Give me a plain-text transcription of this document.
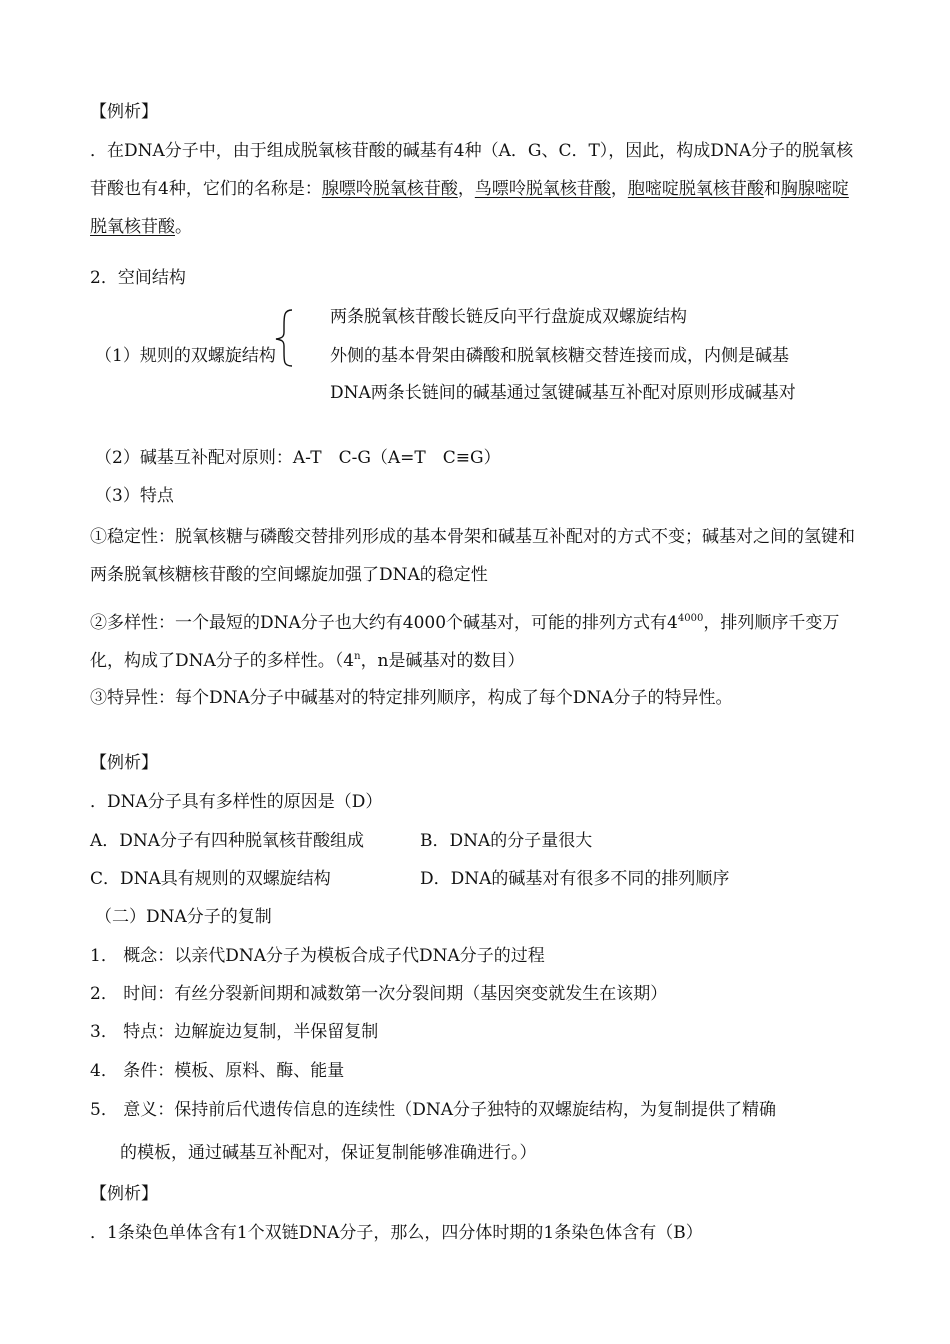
【例析】
．在DNA分子中，由于组成脱氧核苷酸的碱基有4种（A．G、C．T），因此，构成DNA分子的脱氧核苷酸也有4种，它们的名称是：腺嘌呤脱氧核苷酸，鸟嘌呤脱氧核苷酸，胞嘧啶脱氧核苷酸和胸腺嘧啶脱氧核苷酸。
2．空间结构
（1）规则的双螺旋结构
两条脱氧核苷酸长链反向平行盘旋成双螺旋结构
外侧的基本骨架由磷酸和脱氧核糖交替连接而成，内侧是碱基
DNA两条长链间的碱基通过氢键碱基互补配对原则形成碱基对
（2）碱基互补配对原则：A-T　C-G（A=T　C≡G）
（3）特点
①稳定性：脱氧核糖与磷酸交替排列形成的基本骨架和碱基互补配对的方式不变；碱基对之间的氢键和两条脱氧核糖核苷酸的空间螺旋加强了DNA的稳定性
②多样性：一个最短的DNA分子也大约有4000个碱基对，可能的排列方式有$4^{4000}$，排列顺序千变万化，构成了DNA分子的多样性。（4$^n$，n是碱基对的数目）
③特异性：每个DNA分子中碱基对的特定排列顺序，构成了每个DNA分子的特异性。
【例析】
．DNA分子具有多样性的原因是（D）
A．DNA分子有四种脱氧核苷酸组成	B．DNA的分子量很大
C．DNA具有规则的双螺旋结构	D．DNA的碱基对有很多不同的排列顺序
（二）DNA分子的复制
1． 概念：以亲代DNA分子为模板合成子代DNA分子的过程
2． 时间：有丝分裂新间期和减数第一次分裂间期（基因突变就发生在该期）
3． 特点：边解旋边复制，半保留复制
4． 条件：模板、原料、酶、能量
5． 意义：保持前后代遗传信息的连续性（DNA分子独特的双螺旋结构，为复制提供了精确
的模板，通过碱基互补配对，保证复制能够准确进行。）
【例析】
．1条染色单体含有1个双链DNA分子，那么，四分体时期的1条染色体含有（B）
